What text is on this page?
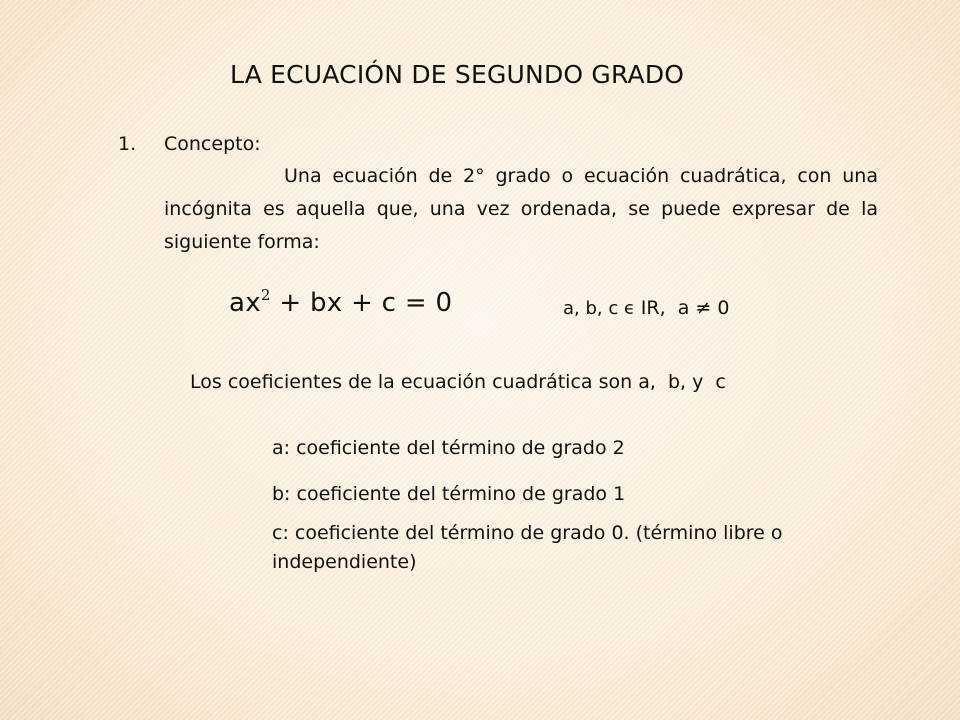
LA ECUACIÓN DE SEGUNDO GRADO
1.	Concepto:
Una ecuación de 2° grado o ecuación cuadrática, con una incógnita es aquella que, una vez ordenada, se puede expresar de la siguiente forma:
$ax^2$ + bx + c = 0	a, b, c ϵ IR,  a ≠ 0
Los coeficientes de la ecuación cuadrática son a,  b, y  c
a: coeficiente del término de grado 2
b: coeficiente del término de grado 1
c: coeficiente del término de grado 0. (término libre o independiente)
